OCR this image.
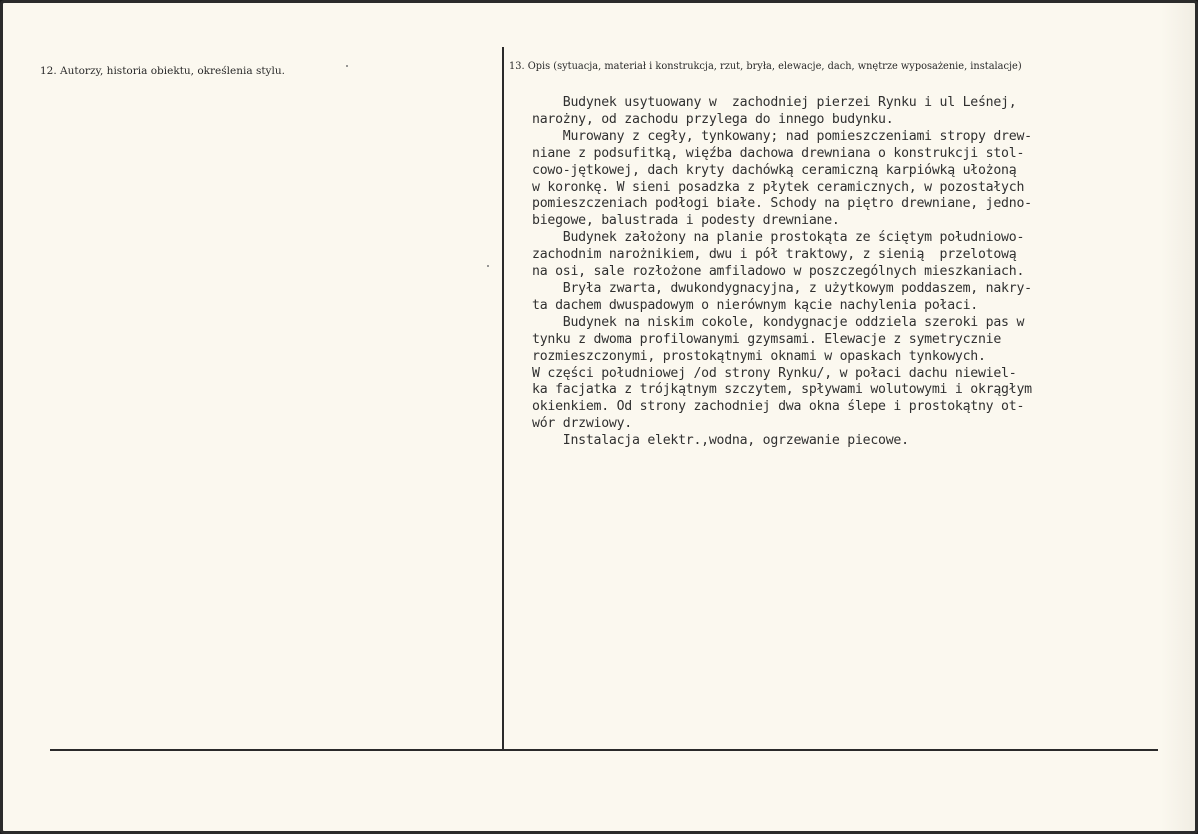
12. Autorzy, historia obiektu, określenia stylu.	13. Opis (sytuacja, materiał i konstrukcja, rzut, bryła, elewacje, dach, wnętrze wyposażenie, instalacje)
Budynek usytuowany w  zachodniej pierzei Rynku i ul Leśnej,
narożny, od zachodu przylega do innego budynku.
Murowany z cegły, tynkowany; nad pomieszczeniami stropy drew-
niane z podsufitką, więźba dachowa drewniana o konstrukcji stol-
cowo-jętkowej, dach kryty dachówką ceramiczną karpiówką ułożoną
w koronkę. W sieni posadzka z płytek ceramicznych, w pozostałych
pomieszczeniach podłogi białe. Schody na piętro drewniane, jedno-
biegowe, balustrada i podesty drewniane.
Budynek założony na planie prostokąta ze ściętym południowo-
zachodnim narożnikiem, dwu i pół traktowy, z sienią  przelotową
na osi, sale rozłożone amfiladowo w poszczególnych mieszkaniach.
Bryła zwarta, dwukondygnacyjna, z użytkowym poddaszem, nakry-
ta dachem dwuspadowym o nierównym kącie nachylenia połaci.
Budynek na niskim cokole, kondygnacje oddziela szeroki pas w
tynku z dwoma profilowanymi gzymsami. Elewacje z symetrycznie
rozmieszczonymi, prostokątnymi oknami w opaskach tynkowych.
W części południowej /od strony Rynku/, w połaci dachu niewiel-
ka facjatka z trójkątnym szczytem, spływami wolutowymi i okrągłym
okienkiem. Od strony zachodniej dwa okna ślepe i prostokątny ot-
wór drzwiowy.
Instalacja elektr.,wodna, ogrzewanie piecowe.
